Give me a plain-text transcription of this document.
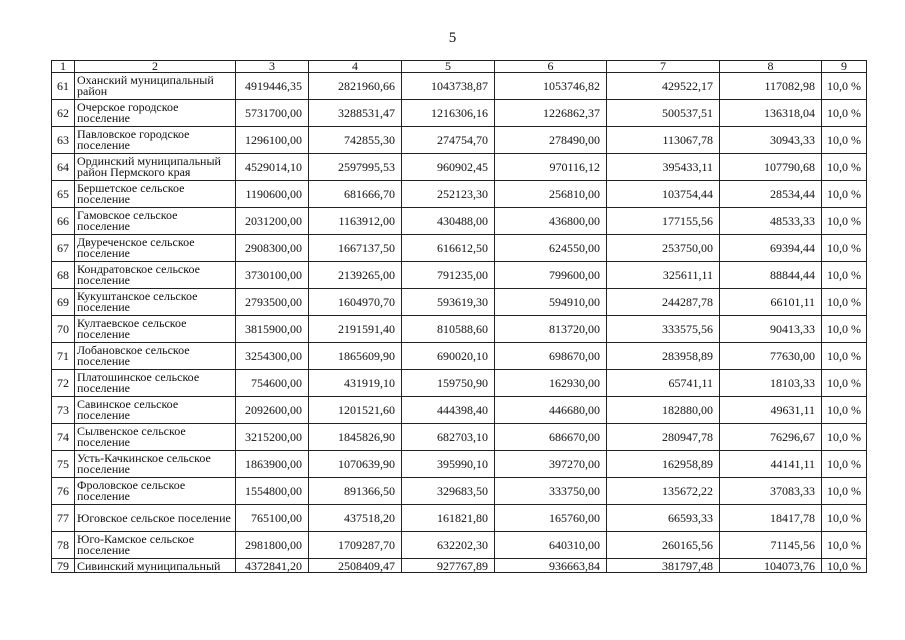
5
1	2	3	4	5	6	7	8	9
61	Оханский муниципальный район	4919446,35	2821960,66	1043738,87	1053746,82	429522,17	117082,98	10,0 %
62	Очерское городское поселение	5731700,00	3288531,47	1216306,16	1226862,37	500537,51	136318,04	10,0 %
63	Павловское городское поселение	1296100,00	742855,30	274754,70	278490,00	113067,78	30943,33	10,0 %
64	Ординский муниципальный район Пермского края	4529014,10	2597995,53	960902,45	970116,12	395433,11	107790,68	10,0 %
65	Бершетское сельское поселение	1190600,00	681666,70	252123,30	256810,00	103754,44	28534,44	10,0 %
66	Гамовское сельское поселение	2031200,00	1163912,00	430488,00	436800,00	177155,56	48533,33	10,0 %
67	Двуреченское сельское поселение	2908300,00	1667137,50	616612,50	624550,00	253750,00	69394,44	10,0 %
68	Кондратовское сельское поселение	3730100,00	2139265,00	791235,00	799600,00	325611,11	88844,44	10,0 %
69	Кукуштанское сельское поселение	2793500,00	1604970,70	593619,30	594910,00	244287,78	66101,11	10,0 %
70	Култаевское сельское поселение	3815900,00	2191591,40	810588,60	813720,00	333575,56	90413,33	10,0 %
71	Лобановское сельское поселение	3254300,00	1865609,90	690020,10	698670,00	283958,89	77630,00	10,0 %
72	Платошинское сельское поселение	754600,00	431919,10	159750,90	162930,00	65741,11	18103,33	10,0 %
73	Савинское сельское поселение	2092600,00	1201521,60	444398,40	446680,00	182880,00	49631,11	10,0 %
74	Сылвенское сельское поселение	3215200,00	1845826,90	682703,10	686670,00	280947,78	76296,67	10,0 %
75	Усть-Качкинское сельское поселение	1863900,00	1070639,90	395990,10	397270,00	162958,89	44141,11	10,0 %
76	Фроловское сельское поселение	1554800,00	891366,50	329683,50	333750,00	135672,22	37083,33	10,0 %
77	Юговское сельское поселение	765100,00	437518,20	161821,80	165760,00	66593,33	18417,78	10,0 %
78	Юго-Камское сельское поселение	2981800,00	1709287,70	632202,30	640310,00	260165,56	71145,56	10,0 %
79	Сивинский муниципальный	4372841,20	2508409,47	927767,89	936663,84	381797,48	104073,76	10,0 %
